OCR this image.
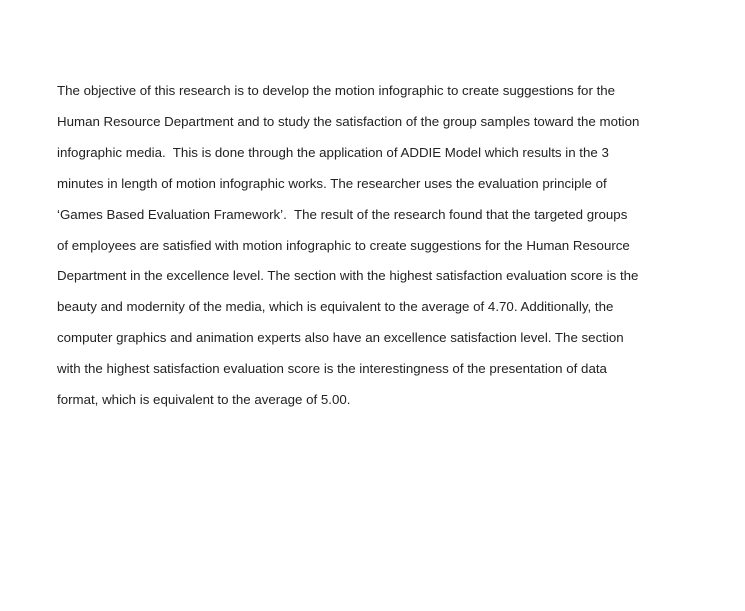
The objective of this research is to develop the motion infographic to create suggestions for the
Human Resource Department and to study the satisfaction of the group samples toward the motion
infographic media.  This is done through the application of ADDIE Model which results in the 3
minutes in length of motion infographic works. The researcher uses the evaluation principle of
‘Games Based Evaluation Framework’.  The result of the research found that the targeted groups
of employees are satisfied with motion infographic to create suggestions for the Human Resource
Department in the excellence level. The section with the highest satisfaction evaluation score is the
beauty and modernity of the media, which is equivalent to the average of 4.70. Additionally, the
computer graphics and animation experts also have an excellence satisfaction level. The section
with the highest satisfaction evaluation score is the interestingness of the presentation of data
format, which is equivalent to the average of 5.00.
